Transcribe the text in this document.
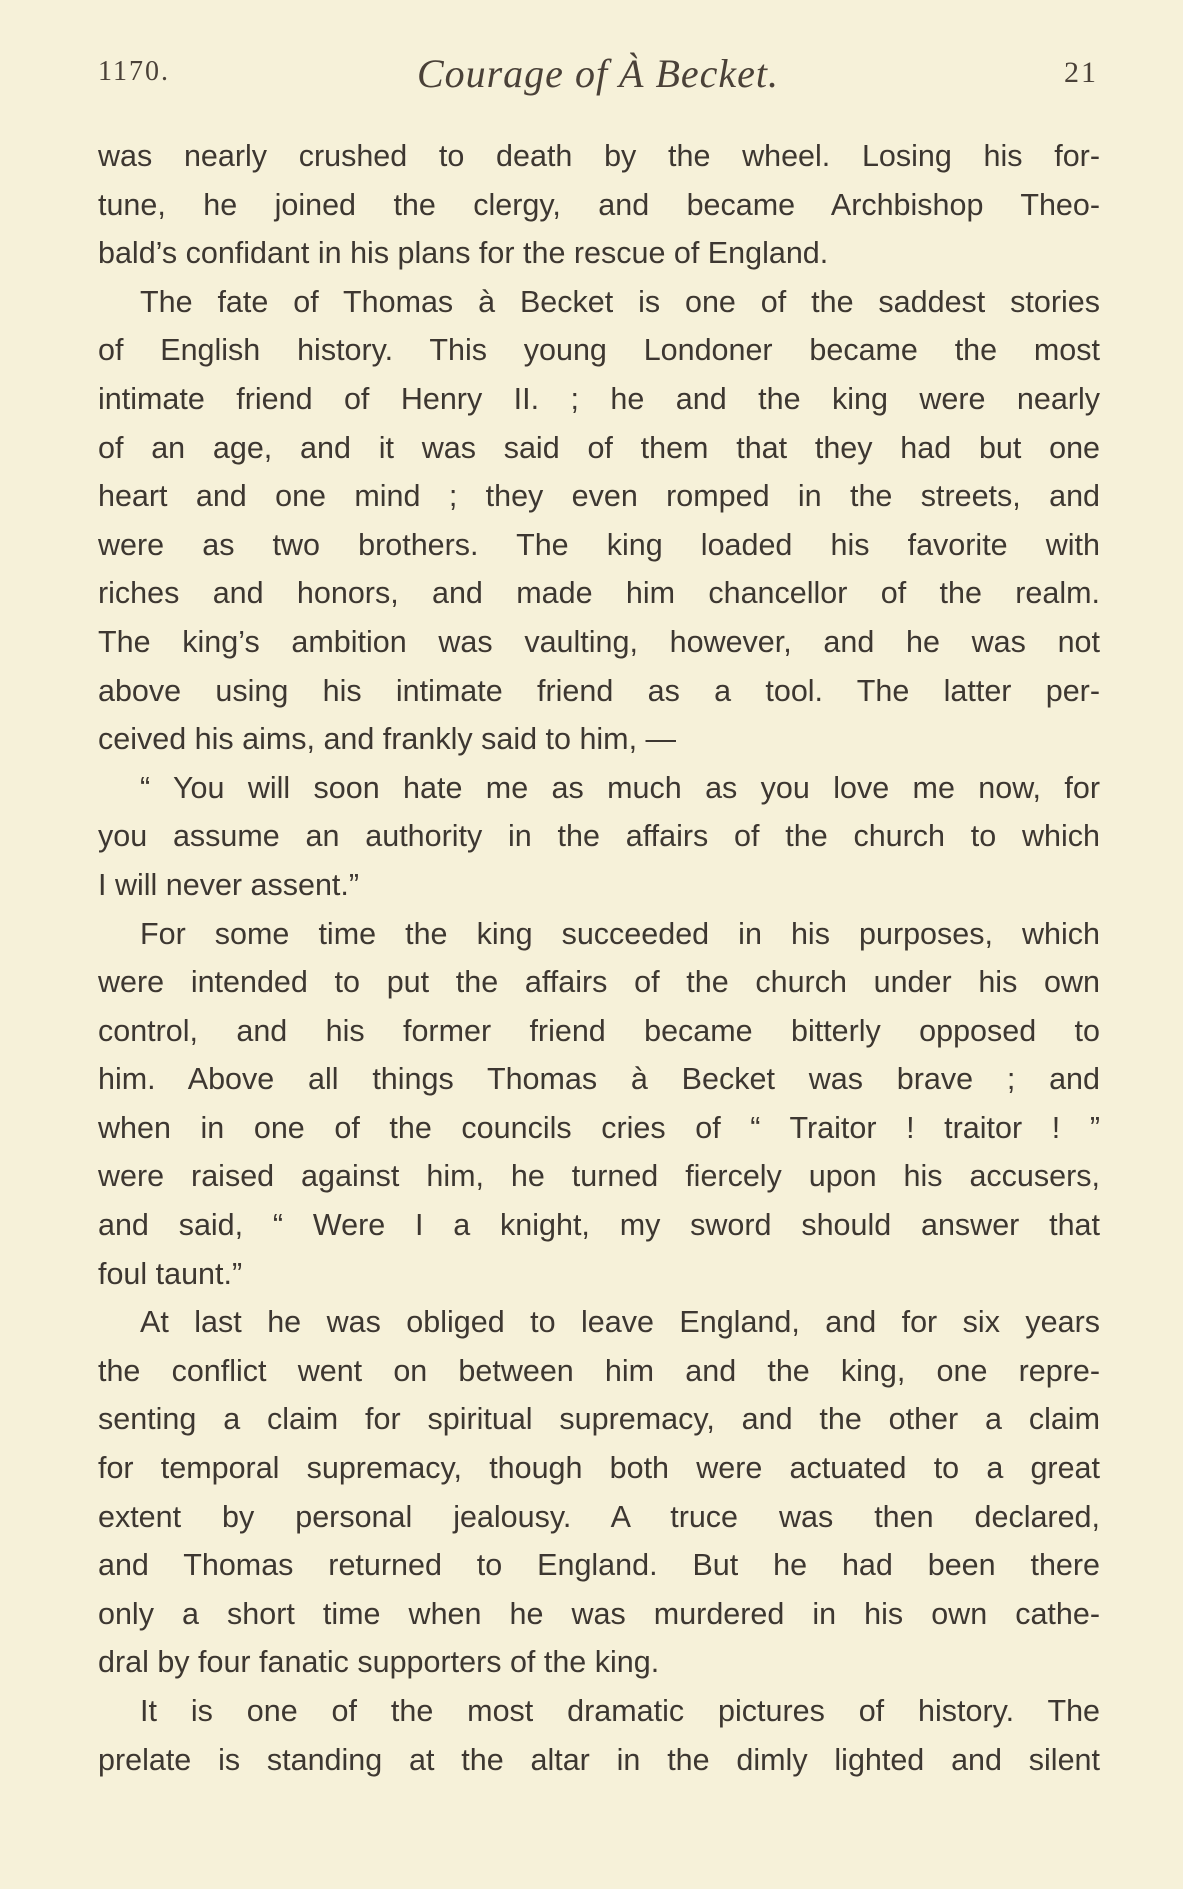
1170.	Courage of À Becket.	21
was nearly crushed to death by the wheel. Losing his for-
tune, he joined the clergy, and became Archbishop Theo-
bald’s confidant in his plans for the rescue of England.
The fate of Thomas à Becket is one of the saddest stories
of English history. This young Londoner became the most
intimate friend of Henry II. ; he and the king were nearly
of an age, and it was said of them that they had but one
heart and one mind ; they even romped in the streets, and
were as two brothers. The king loaded his favorite with
riches and honors, and made him chancellor of the realm.
The king’s ambition was vaulting, however, and he was not
above using his intimate friend as a tool. The latter per-
ceived his aims, and frankly said to him, —
“ You will soon hate me as much as you love me now, for
you assume an authority in the affairs of the church to which
I will never assent.”
For some time the king succeeded in his purposes, which
were intended to put the affairs of the church under his own
control, and his former friend became bitterly opposed to
him. Above all things Thomas à Becket was brave ; and
when in one of the councils cries of “ Traitor ! traitor ! ”
were raised against him, he turned fiercely upon his accusers,
and said, “ Were I a knight, my sword should answer that
foul taunt.”
At last he was obliged to leave England, and for six years
the conflict went on between him and the king, one repre-
senting a claim for spiritual supremacy, and the other a claim
for temporal supremacy, though both were actuated to a great
extent by personal jealousy. A truce was then declared,
and Thomas returned to England. But he had been there
only a short time when he was murdered in his own cathe-
dral by four fanatic supporters of the king.
It is one of the most dramatic pictures of history. The
prelate is standing at the altar in the dimly lighted and silent
